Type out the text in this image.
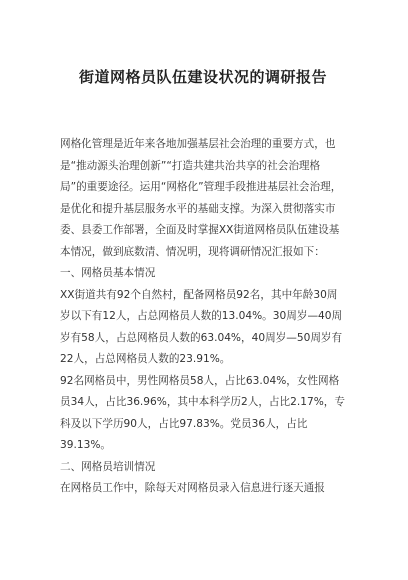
街道网格员队伍建设状况的调研报告

网格化管理是近年来各地加强基层社会治理的重要方式，也是“推动源头治理创新”“打造共建共治共享的社会治理格局”的重要途径。运用“网格化”管理手段推进基层社会治理，是优化和提升基层服务水平的基础支撑。为深入贯彻落实市委、县委工作部署，全面及时掌握XX街道网格员队伍建设基本情况，做到底数清、情况明，现将调研情况汇报如下：

一、网格员基本情况

XX街道共有92个自然村，配备网格员92名，其中年龄30周岁以下有12人，占总网格员人数的13.04%。30周岁—40周岁有58人，占总网格员人数的63.04%，40周岁—50周岁有22人，占总网格员人数的23.91%。

92名网格员中，男性网格员58人，占比63.04%，女性网格员34人，占比36.96%，其中本科学历2人，占比2.17%，专科及以下学历90人，占比97.83%。党员36人，占比39.13%。

二、网格员培训情况

在网格员工作中，除每天对网格员录入信息进行逐天通报
